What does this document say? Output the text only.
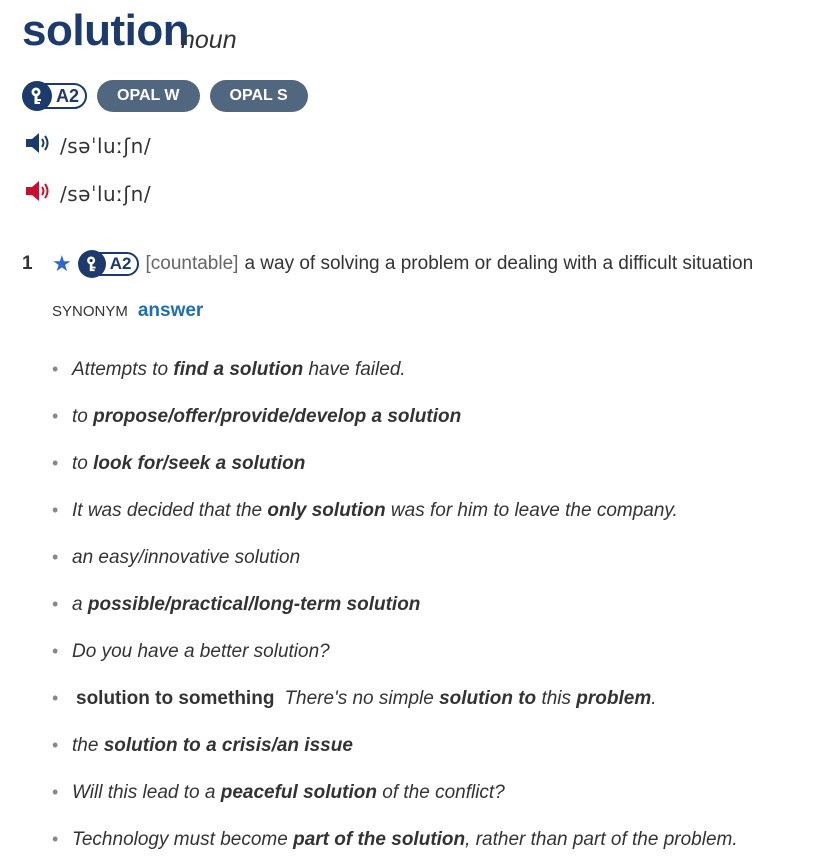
solution
noun
A2	OPAL W	OPAL S
/səˈluːʃn/
/səˈluːʃn/
1 ★	A2 [countable] a way of solving a problem or dealing with a difficult situation
SYNONYM answer
• Attempts to find a solution have failed.
• to propose/offer/provide/develop a solution
• to look for/seek a solution
• It was decided that the only solution was for him to leave the company.
• an easy/innovative solution
• a possible/practical/long-term solution
• Do you have a better solution?
• solution to something There's no simple solution to this problem.
• the solution to a crisis/an issue
• Will this lead to a peaceful solution of the conflict?
• Technology must become part of the solution, rather than part of the problem.
